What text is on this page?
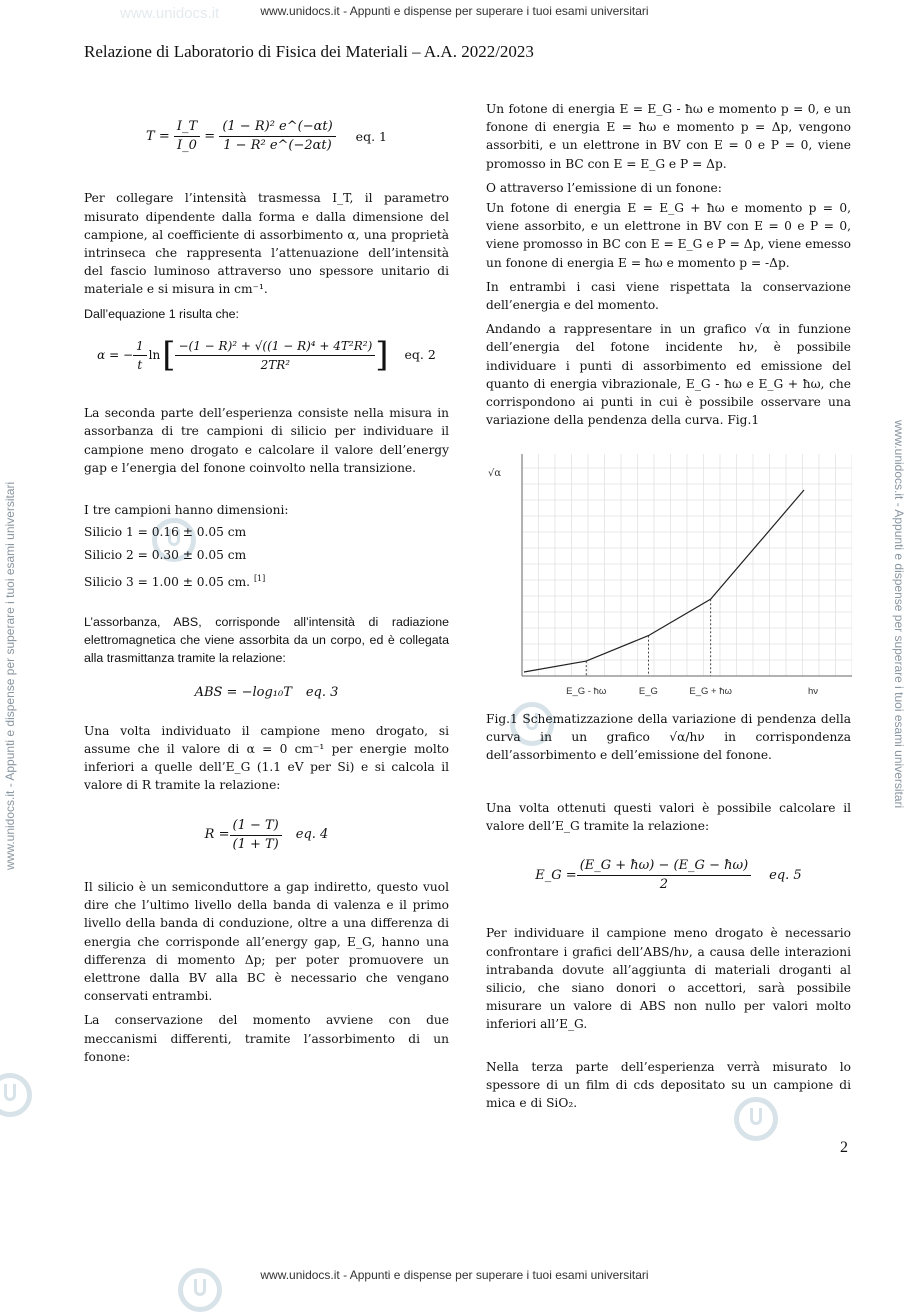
www.unidocs.it - Appunti e dispense per superare i tuoi esami universitari
www.unidocs.it - Appunti e dispense per superare i tuoi esami universitari
www.unidocs.it - Appunti e dispense per superare i tuoi esami universitari	www.unidocs.it - Appunti e dispense per superare i tuoi esami universitari
www.unidocs.it
Relazione di Laboratorio di Fisica dei Materiali – A.A. 2022/2023
$T = \frac{I\_T}{I\_0} = \frac{\text{(1 − R)² e\textasciicircum{}(−αt)}}{\text{1 − R² e\textasciicircum{}(−2αt)}}$ eq. 1

Per collegare l’intensità trasmessa I_T, il parametro misurato dipendente dalla forma e dalla dimensione del campione, al coefficiente di assorbimento α, una proprietà intrinseca che rappresenta l’attenuazione dell’intensità del fascio luminoso attraverso uno spessore unitario di materiale e si misura in cm⁻¹.

Dall’equazione 1 risulta che:

α = − $\frac{1}{t}$ ln [ $\frac{\text{−(1 − R)² + √((1 − R)⁴ + 4T²R²)}}{\text{2TR²}}$ ] eq. 2

La seconda parte dell’esperienza consiste nella misura in assorbanza di tre campioni di silicio per individuare il campione meno drogato e calcolare il valore dell’energy gap e l’energia del fonone coinvolto nella transizione.

I tre campioni hanno dimensioni:

Silicio 1 = 0.16 ± 0.05 cm
Silicio 2 = 0.30 ± 0.05 cm
Silicio 3 = 1.00 ± 0.05 cm. [1]

L’assorbanza, ABS, corrisponde all’intensità di radiazione elettromagnetica che viene assorbita da un corpo, ed è collegata alla trasmittanza tramite la relazione:

ABS = −log₁₀T eq. 3

Una volta individuato il campione meno drogato, si assume che il valore di α = 0 cm⁻¹ per energie molto inferiori a quelle dell’E_G (1.1 eV per Si) e si calcola il valore di R tramite la relazione:

$R = \frac{(1 - T)}{(1 + T)}$ eq. 4

Il silicio è un semiconduttore a gap indiretto, questo vuol dire che l’ultimo livello della banda di valenza e il primo livello della banda di conduzione, oltre a una differenza di energia che corrisponde all’energy gap, E_G, hanno una differenza di momento Δp; per poter promuovere un elettrone dalla BV alla BC è necessario che vengano conservati entrambi.

La conservazione del momento avviene con due meccanismi differenti, tramite l’assorbimento di un fonone:

Un fotone di energia E = E_G - ħω e momento p = 0, e un fonone di energia E = ħω e momento p = Δp, vengono assorbiti, e un elettrone in BV con E = 0 e P = 0, viene promosso in BC con E = E_G e P = Δp.

O attraverso l’emissione di un fonone:

Un fotone di energia E = E_G + ħω e momento p = 0, viene assorbito, e un elettrone in BV con E = 0 e P = 0, viene promosso in BC con E = E_G e P = Δp, viene emesso un fonone di energia E = ħω e momento p = -Δp.

In entrambi i casi viene rispettata la conservazione dell’energia e del momento.

Andando a rappresentare in un grafico √α in funzione dell’energia del fotone incidente hν, è possibile individuare i punti di assorbimento ed emissione del quanto di energia vibrazionale, E_G - ħω e E_G + ħω, che corrispondono ai punti in cui è possibile osservare una variazione della pendenza della curva. Fig.1

E_G - ħω	E_G	E_G + ħω	hν
√α

Fig.1 Schematizzazione della variazione di pendenza della curva in un grafico √α/hν in corrispondenza dell’assorbimento e dell’emissione del fonone.

Una volta ottenuti questi valori è possibile calcolare il valore dell’E_G tramite la relazione:

E_G = $\frac{(E\_G + ħ\omega) - (E\_G - ħ\omega)}{2}$ eq. 5

Per individuare il campione meno drogato è necessario confrontare i grafici dell’ABS/hν, a causa delle interazioni intrabanda dovute all’aggiunta di materiali droganti al silicio, che siano donori o accettori, sarà possibile misurare un valore di ABS non nullo per valori molto inferiori all’E_G.

Nella terza parte dell’esperienza verrà misurato lo spessore di un film di cds depositato su un campione di mica e di SiO₂.

2
